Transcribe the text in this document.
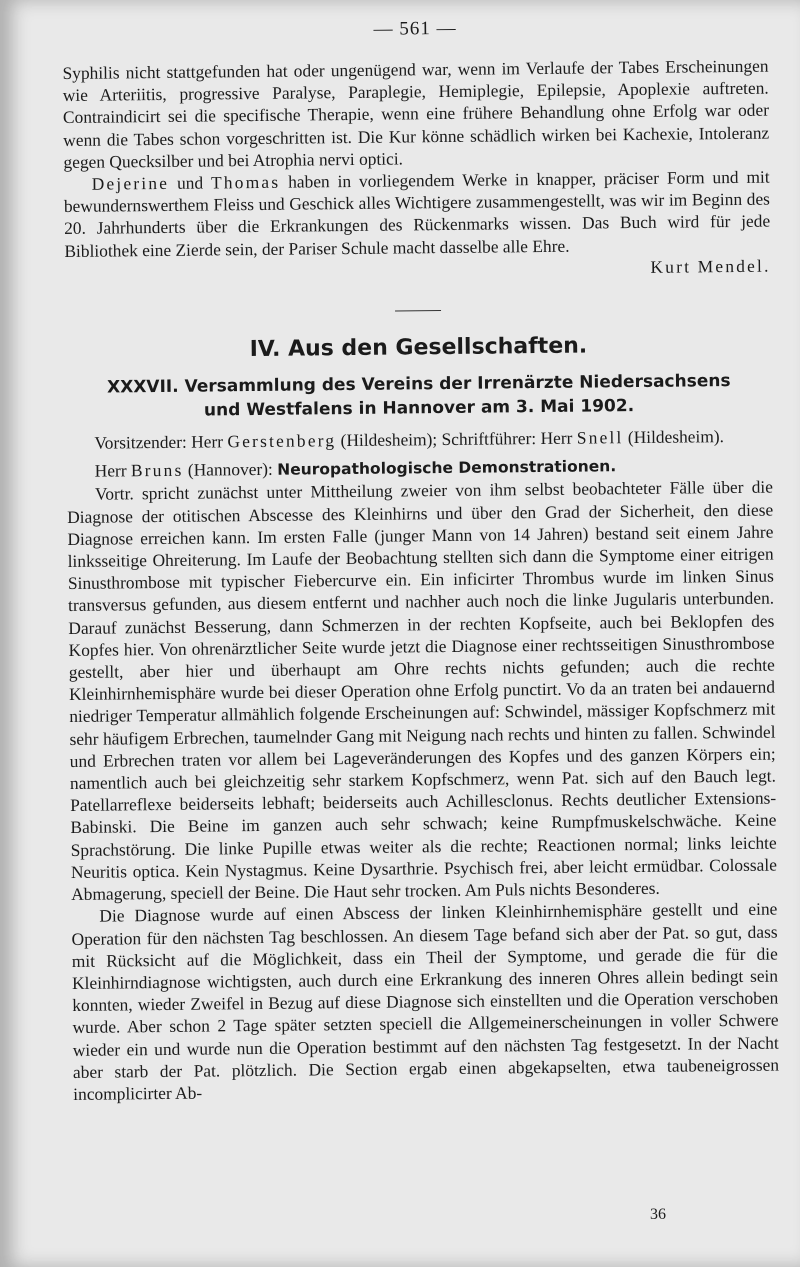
— 561 —

Syphilis nicht stattgefunden hat oder ungenügend war, wenn im Verlaufe der Tabes Erscheinungen wie Arteriitis, progressive Paralyse, Paraplegie, Hemiplegie, Epilepsie, Apoplexie auftreten. Contraindicirt sei die specifische Therapie, wenn eine frühere Behandlung ohne Erfolg war oder wenn die Tabes schon vorgeschritten ist. Die Kur könne schädlich wirken bei Kachexie, Intoleranz gegen Quecksilber und bei Atrophia nervi optici.

Dejerine und Thomas haben in vorliegendem Werke in knapper, präciser Form und mit bewundernswerthem Fleiss und Geschick alles Wichtigere zusammengestellt, was wir im Beginn des 20. Jahrhunderts über die Erkrankungen des Rückenmarks wissen. Das Buch wird für jede Bibliothek eine Zierde sein, der Pariser Schule macht dasselbe alle Ehre.

Kurt Mendel.

IV. Aus den Gesellschaften.
XXXVII. Versammlung des Vereins der Irrenärzte Niedersachsens
und Westfalens in Hannover am 3. Mai 1902.

Vorsitzender: Herr Gerstenberg (Hildesheim); Schriftführer: Herr Snell (Hildesheim).

Herr Bruns (Hannover): Neuropathologische Demonstrationen.

Vortr. spricht zunächst unter Mittheilung zweier von ihm selbst beobachteter Fälle über die Diagnose der otitischen Abscesse des Kleinhirns und über den Grad der Sicherheit, den diese Diagnose erreichen kann. Im ersten Falle (junger Mann von 14 Jahren) bestand seit einem Jahre linksseitige Ohreiterung. Im Laufe der Beobachtung stellten sich dann die Symptome einer eitrigen Sinusthrombose mit typischer Fiebercurve ein. Ein inficirter Thrombus wurde im linken Sinus transversus gefunden, aus diesem entfernt und nachher auch noch die linke Jugularis unterbunden. Darauf zunächst Besserung, dann Schmerzen in der rechten Kopfseite, auch bei Beklopfen des Kopfes hier. Von ohrenärztlicher Seite wurde jetzt die Diagnose einer rechtsseitigen Sinusthrombose gestellt, aber hier und überhaupt am Ohre rechts nichts gefunden; auch die rechte Kleinhirnhemisphäre wurde bei dieser Operation ohne Erfolg punctirt. Vo da an traten bei andauernd niedriger Temperatur allmählich folgende Erscheinungen auf: Schwindel, mässiger Kopfschmerz mit sehr häufigem Erbrechen, taumelnder Gang mit Neigung nach rechts und hinten zu fallen. Schwindel und Erbrechen traten vor allem bei Lageveränderungen des Kopfes und des ganzen Körpers ein; namentlich auch bei gleichzeitig sehr starkem Kopfschmerz, wenn Pat. sich auf den Bauch legt. Patellarreflexe beiderseits lebhaft; beiderseits auch Achillesclonus. Rechts deutlicher Extensions-Babinski. Die Beine im ganzen auch sehr schwach; keine Rumpfmuskelschwäche. Keine Sprachstörung. Die linke Pupille etwas weiter als die rechte; Reactionen normal; links leichte Neuritis optica. Kein Nystagmus. Keine Dysarthrie. Psychisch frei, aber leicht ermüdbar. Colossale Abmagerung, speciell der Beine. Die Haut sehr trocken. Am Puls nichts Besonderes.

Die Diagnose wurde auf einen Abscess der linken Kleinhirnhemisphäre gestellt und eine Operation für den nächsten Tag beschlossen. An diesem Tage befand sich aber der Pat. so gut, dass mit Rücksicht auf die Möglichkeit, dass ein Theil der Symptome, und gerade die für die Kleinhirndiagnose wichtigsten, auch durch eine Erkrankung des inneren Ohres allein bedingt sein konnten, wieder Zweifel in Bezug auf diese Diagnose sich einstellten und die Operation verschoben wurde. Aber schon 2 Tage später setzten speciell die Allgemeinerscheinungen in voller Schwere wieder ein und wurde nun die Operation bestimmt auf den nächsten Tag festgesetzt. In der Nacht aber starb der Pat. plötzlich. Die Section ergab einen abgekapselten, etwa taubeneigrossen incomplicirter Ab-

36
